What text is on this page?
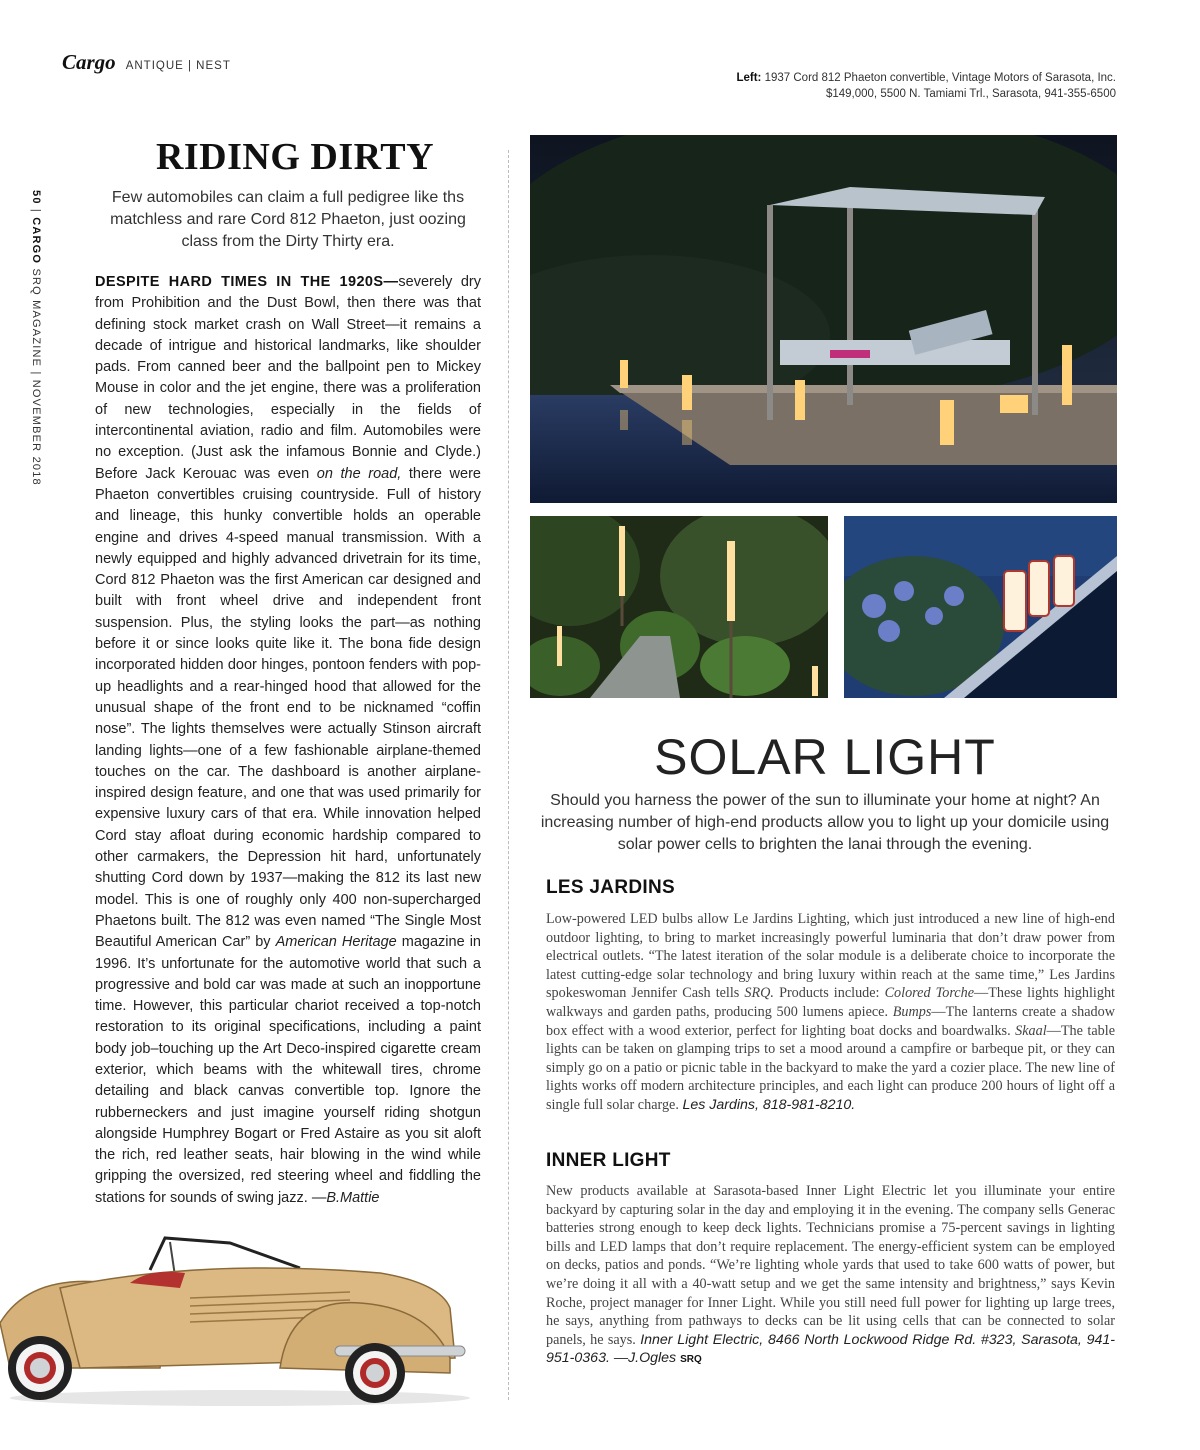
Cargo ANTIQUE | NEST
Left: 1937 Cord 812 Phaeton convertible, Vintage Motors of Sarasota, Inc. $149,000, 5500 N. Tamiami Trl., Sarasota, 941-355-6500
50 | CARGO SRQ MAGAZINE | NOVEMBER 2018
RIDING DIRTY

Few automobiles can claim a full pedigree like ths matchless and rare Cord 812 Phaeton, just oozing class from the Dirty Thirty era.

DESPITE HARD TIMES IN THE 1920S—severely dry from Prohibition and the Dust Bowl, then there was that defining stock market crash on Wall Street—it remains a decade of intrigue and historical landmarks, like shoulder pads. From canned beer and the ballpoint pen to Mickey Mouse in color and the jet engine, there was a proliferation of new technologies, especially in the fields of intercontinental aviation, radio and film. Automobiles were no exception. (Just ask the infamous Bonnie and Clyde.) Before Jack Kerouac was even on the road, there were Phaeton convertibles cruising countryside. Full of history and lineage, this hunky convertible holds an operable engine and drives 4-speed manual transmission. With a newly equipped and highly advanced drivetrain for its time, Cord 812 Phaeton was the first American car designed and built with front wheel drive and independent front suspension. Plus, the styling looks the part—as nothing before it or since looks quite like it. The bona fide design incorporated hidden door hinges, pontoon fenders with pop-up headlights and a rear-hinged hood that allowed for the unusual shape of the front end to be nicknamed “coffin nose”. The lights themselves were actually Stinson aircraft landing lights—one of a few fashionable airplane-themed touches on the car. The dashboard is another airplane-inspired design feature, and one that was used primarily for expensive luxury cars of that era. While innovation helped Cord stay afloat during economic hardship compared to other carmakers, the Depression hit hard, unfortunately shutting Cord down by 1937—making the 812 its last new model. This is one of roughly only 400 non-supercharged Phaetons built. The 812 was even named “The Single Most Beautiful American Car” by American Heritage magazine in 1996. It’s unfortunate for the automotive world that such a progressive and bold car was made at such an inopportune time. However, this particular chariot received a top-notch restoration to its original specifications, including a paint body job–touching up the Art Deco-inspired cigarette cream exterior, which beams with the whitewall tires, chrome detailing and black canvas convertible top. Ignore the rubberneckers and just imagine yourself riding shotgun alongside Humphrey Bogart or Fred Astaire as you sit aloft the rich, red leather seats, hair blowing in the wind while gripping the oversized, red steering wheel and fiddling the stations for sounds of swing jazz. —B.Mattie

SOLAR LIGHT

Should you harness the power of the sun to illuminate your home at night? An increasing number of high-end products allow you to light up your domicile using solar power cells to brighten the lanai through the evening.

LES JARDINS

Low-powered LED bulbs allow Le Jardins Lighting, which just introduced a new line of high-end outdoor lighting, to bring to market increasingly powerful luminaria that don’t draw power from electrical outlets. “The latest iteration of the solar module is a deliberate choice to incorporate the latest cutting-edge solar technology and bring luxury within reach at the same time,” Les Jardins spokeswoman Jennifer Cash tells SRQ. Products include: Colored Torche—These lights highlight walkways and garden paths, producing 500 lumens apiece. Bumps—The lanterns create a shadow box effect with a wood exterior, perfect for lighting boat docks and boardwalks. Skaal—The table lights can be taken on glamping trips to set a mood around a campfire or barbeque pit, or they can simply go on a patio or picnic table in the backyard to make the yard a cozier place. The new line of lights works off modern architecture principles, and each light can produce 200 hours of light off a single full solar charge. Les Jardins, 818-981-8210.

INNER LIGHT

New products available at Sarasota-based Inner Light Electric let you illuminate your entire backyard by capturing solar in the day and employing it in the evening. The company sells Generac batteries strong enough to keep deck lights. Technicians promise a 75-percent savings in lighting bills and LED lamps that don’t require replacement. The energy-efficient system can be employed on decks, patios and ponds. “We’re lighting whole yards that used to take 600 watts of power, but we’re doing it all with a 40-watt setup and we get the same intensity and brightness,” says Kevin Roche, project manager for Inner Light. While you still need full power for lighting up large trees, he says, anything from pathways to decks can be lit using cells that can be connected to solar panels, he says. Inner Light Electric, 8466 North Lockwood Ridge Rd. #323, Sarasota, 941-951-0363. —J.Ogles SRQ
